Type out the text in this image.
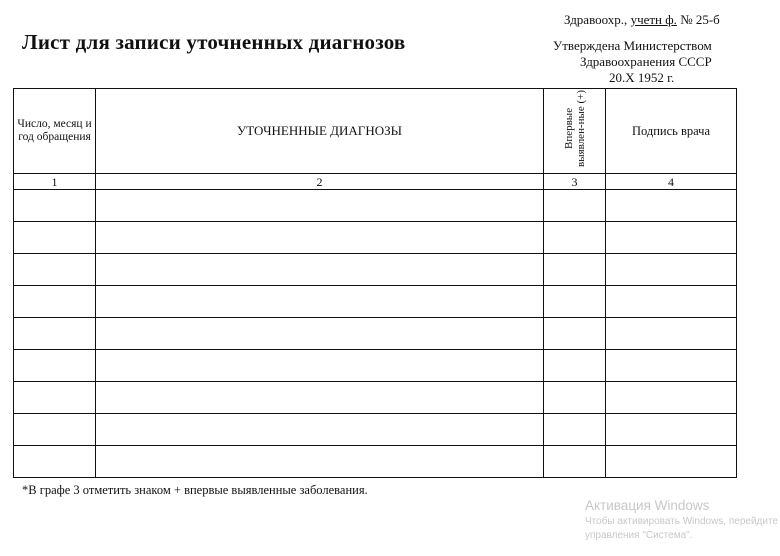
Здравоохр., учетн ф. № 25-б
Лист для записи уточненных диагнозов	Утверждена Министерством
Здравоохранения СССР
20.Х 1952 г.
Число, месяц и год обращения	УТОЧНЕННЫЕ ДИАГНОЗЫ	Впервые выявлен-ные (+)	Подпись врача
1	2	3	4

*В графе 3 отметить знаком + впервые выявленные заболевания.
Активация Windows
Чтобы активировать Windows, перейдите
управления "Система".
